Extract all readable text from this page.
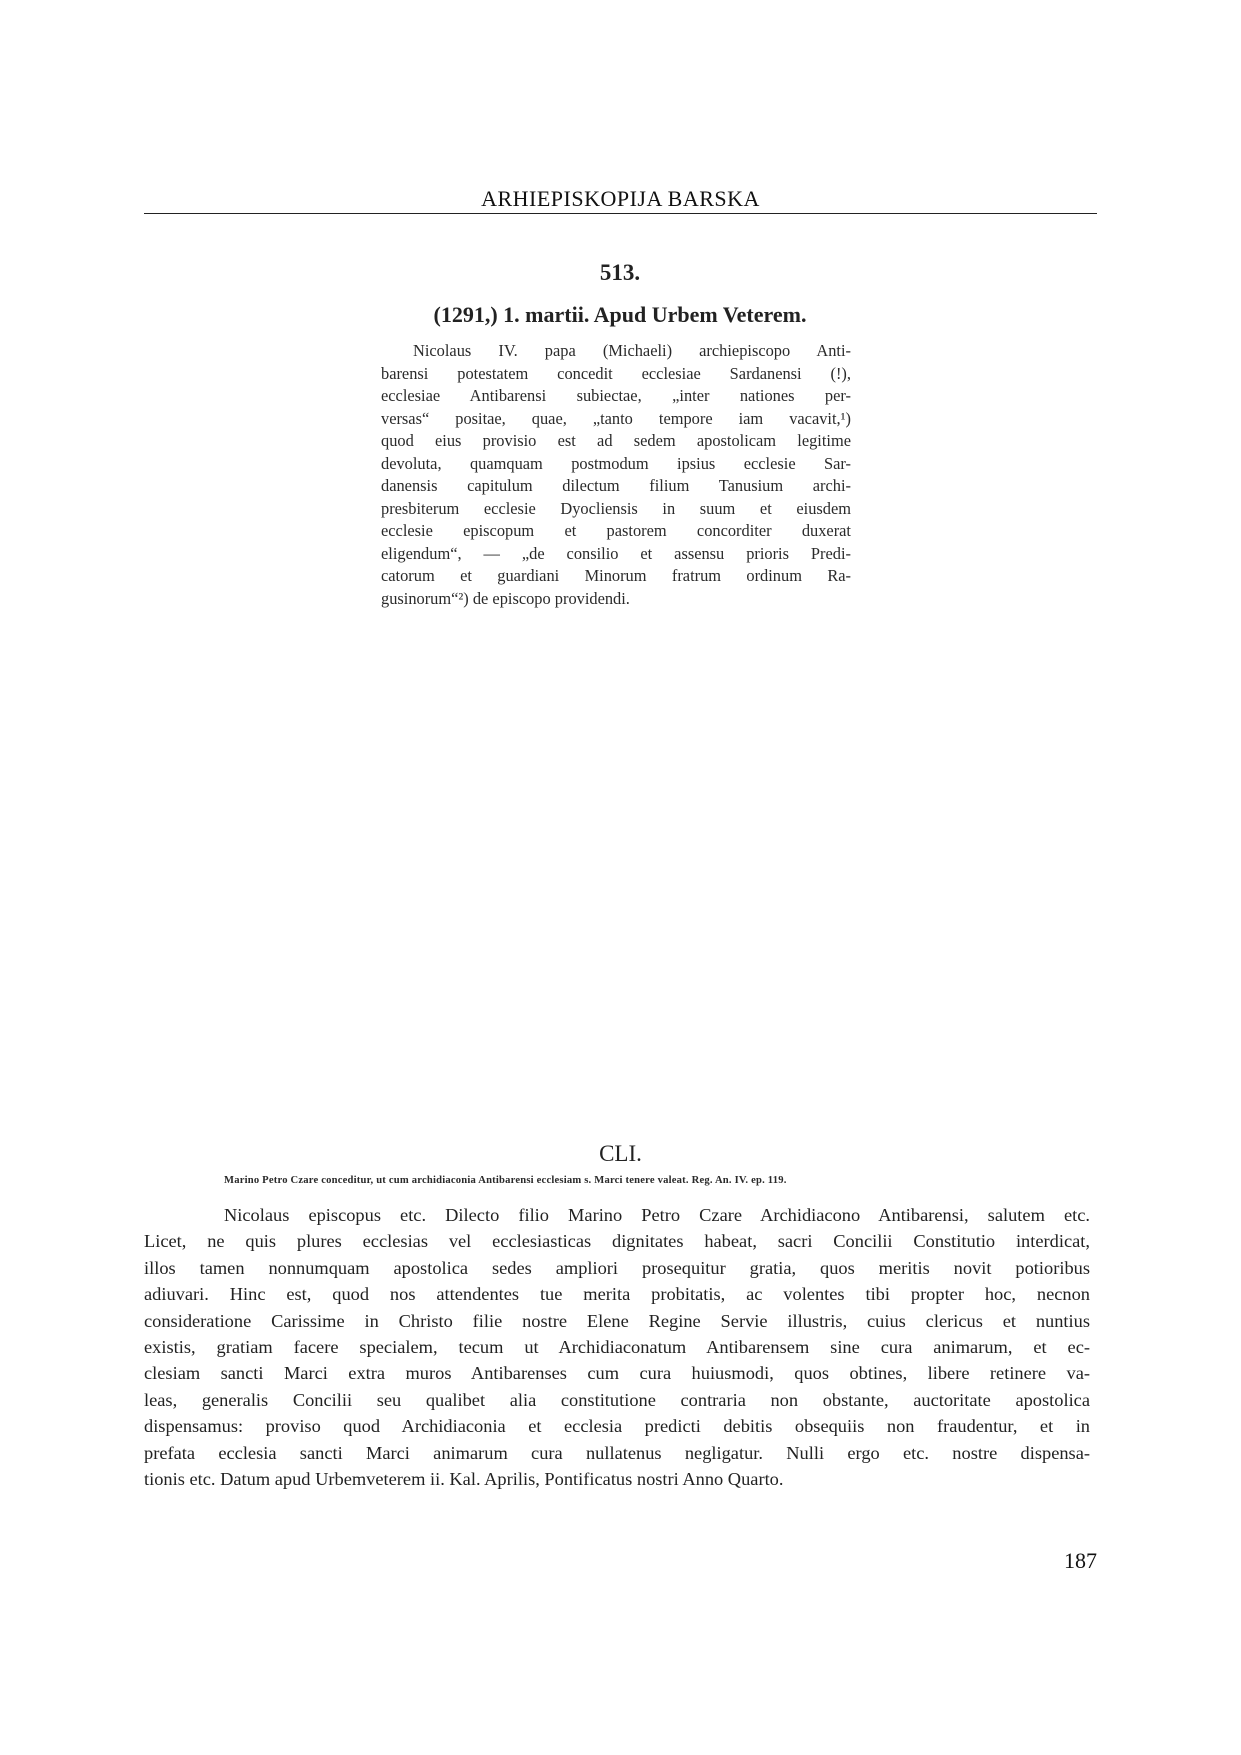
ARHIEPISKOPIJA BARSKA
513.
(1291,) 1. martii. Apud Urbem Veterem.
Nicolaus IV. papa (Michaeli) archiepiscopo Anti-
barensi potestatem concedit ecclesiae Sardanensi (!),
ecclesiae Antibarensi subiectae, „inter nationes per-
versas“ positae, quae, „tanto tempore iam vacavit,¹)
quod eius provisio est ad sedem apostolicam legitime
devoluta, quamquam postmodum ipsius ecclesie Sar-
danensis capitulum dilectum filium Tanusium archi-
presbiterum ecclesie Dyocliensis in suum et eiusdem
ecclesie episcopum et pastorem concorditer duxerat
eligendum“, — „de consilio et assensu prioris Predi-
catorum et guardiani Minorum fratrum ordinum Ra-
gusinorum“²) de episcopo providendi.
CLI.
Marino Petro Czare conceditur, ut cum archidiaconia Antibarensi ecclesiam s. Marci tenere valeat. Reg. An. IV. ep. 119.
Nicolaus episcopus etc. Dilecto filio Marino Petro Czare Archidiacono Antibarensi, salutem etc.
Licet, ne quis plures ecclesias vel ecclesiasticas dignitates habeat, sacri Concilii Constitutio interdicat,
illos tamen nonnumquam apostolica sedes ampliori prosequitur gratia, quos meritis novit potioribus
adiuvari. Hinc est, quod nos attendentes tue merita probitatis, ac volentes tibi propter hoc, necnon
consideratione Carissime in Christo filie nostre Elene Regine Servie illustris, cuius clericus et nuntius
existis, gratiam facere specialem, tecum ut Archidiaconatum Antibarensem sine cura animarum, et ec-
clesiam sancti Marci extra muros Antibarenses cum cura huiusmodi, quos obtines, libere retinere va-
leas, generalis Concilii seu qualibet alia constitutione contraria non obstante, auctoritate apostolica
dispensamus: proviso quod Archidiaconia et ecclesia predicti debitis obsequiis non fraudentur, et in
prefata ecclesia sancti Marci animarum cura nullatenus negligatur. Nulli ergo etc. nostre dispensa-
tionis etc. Datum apud Urbemveterem ii. Kal. Aprilis, Pontificatus nostri Anno Quarto.
187
